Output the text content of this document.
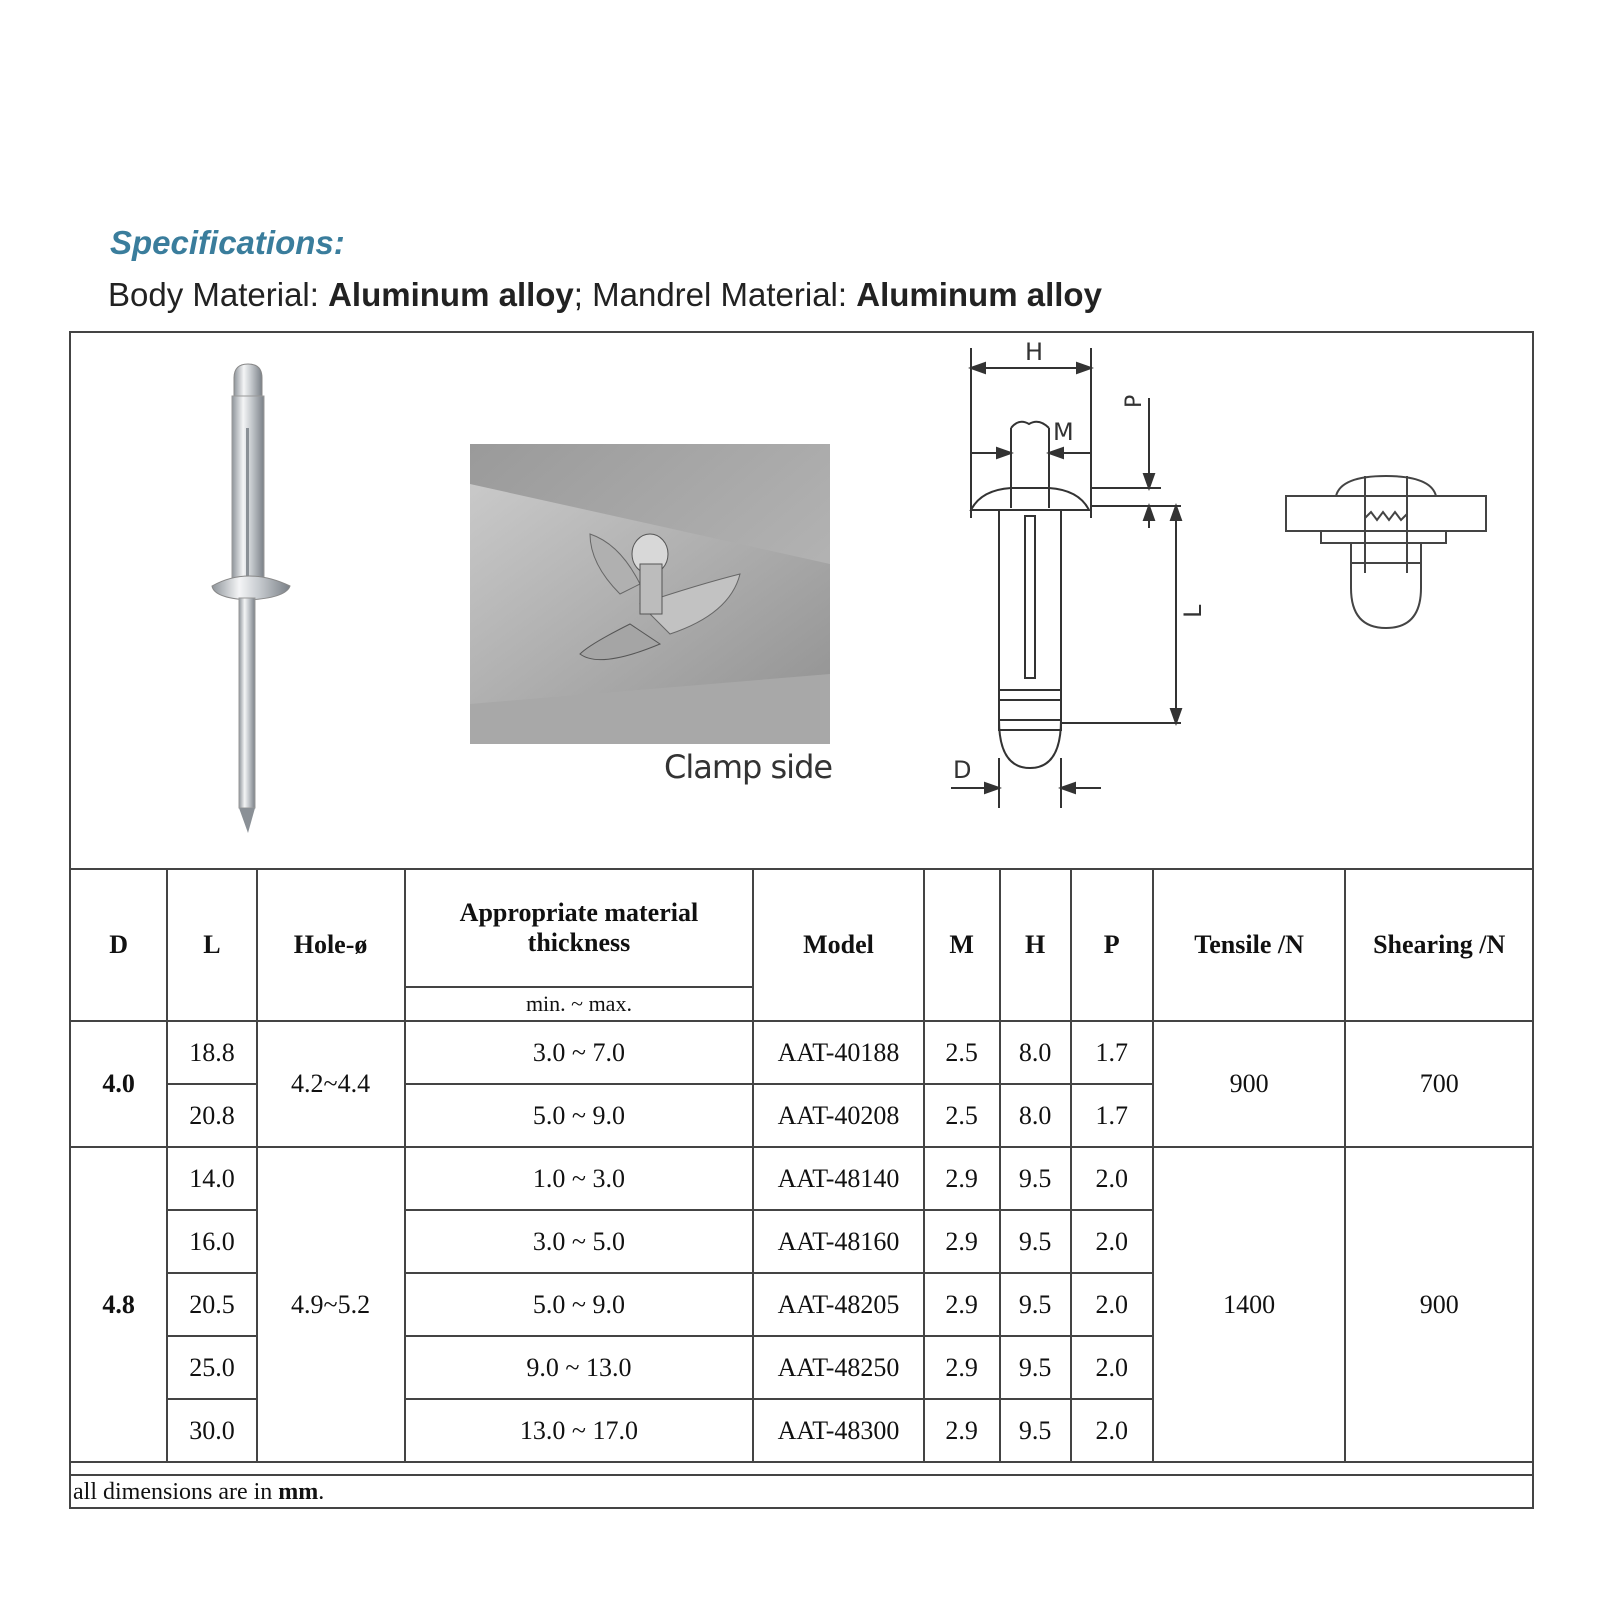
Specifications:
Body Material: Aluminum alloy; Mandrel Material: Aluminum alloy
Clamp side
H
M
P
L
D
D	L	Hole-ø	Appropriate material thickness	Model	M	H	P	Tensile /N	Shearing /N
			min. ~ max.						
4.0	18.8	4.2~4.4	3.0 ~ 7.0	AAT-40188	2.5	8.0	1.7	900	700
	20.8		5.0 ~ 9.0	AAT-40208	2.5	8.0	1.7		
4.8	14.0	4.9~5.2	1.0 ~ 3.0	AAT-48140	2.9	9.5	2.0	1400	900
	16.0		3.0 ~ 5.0	AAT-48160	2.9	9.5	2.0		
	20.5		5.0 ~ 9.0	AAT-48205	2.9	9.5	2.0		
	25.0		9.0 ~ 13.0	AAT-48250	2.9	9.5	2.0		
	30.0		13.0 ~ 17.0	AAT-48300	2.9	9.5	2.0		
all dimensions are in mm.
